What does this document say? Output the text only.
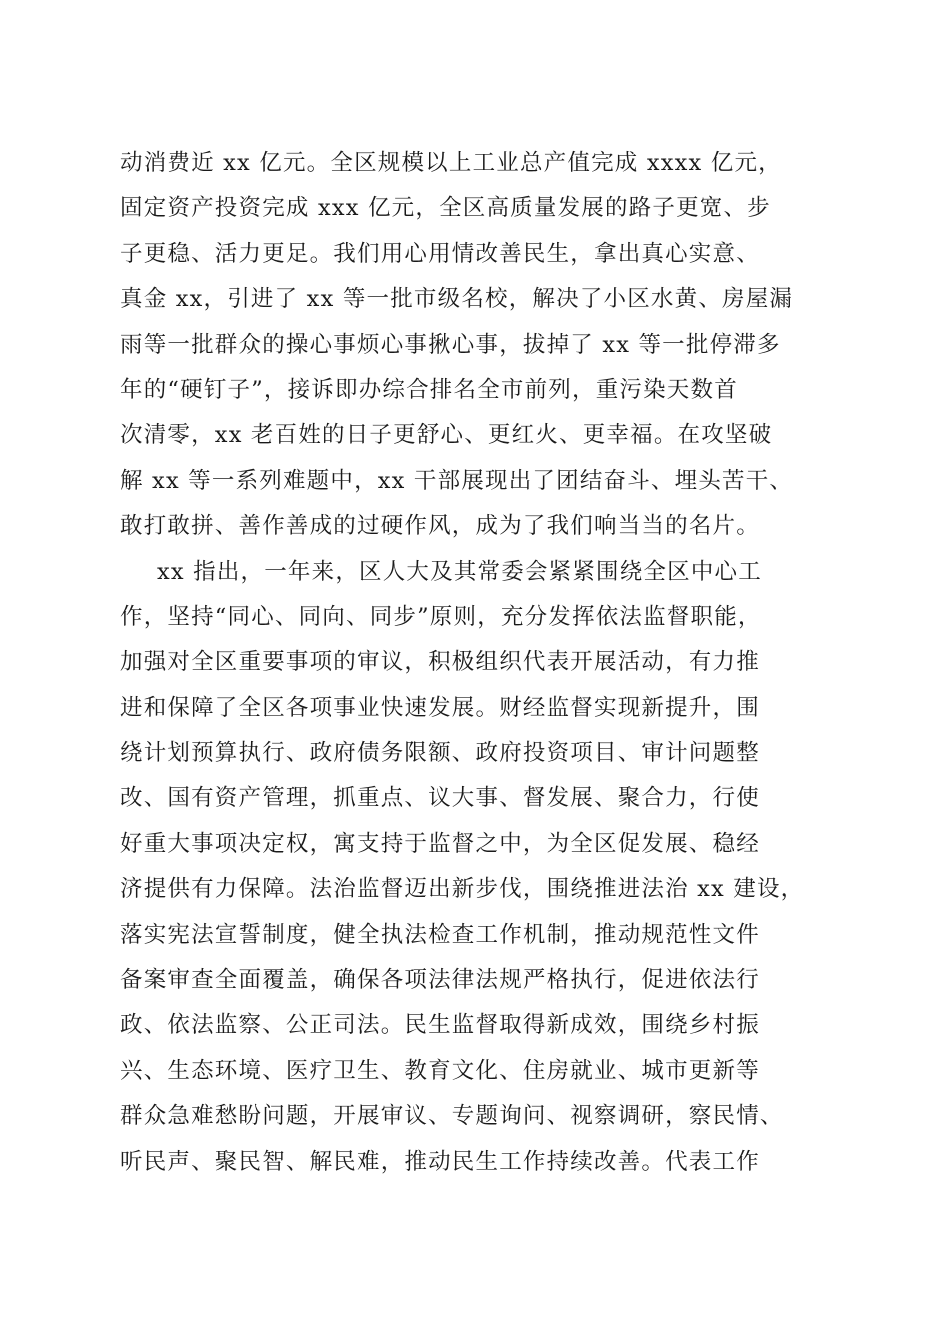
动消费近 xx 亿元。全区规模以上工业总产值完成 xxxx 亿元，
固定资产投资完成 xxx 亿元，全区高质量发展的路子更宽、步
子更稳、活力更足。我们用心用情改善民生，拿出真心实意、
真金 xx，引进了 xx 等一批市级名校，解决了小区水黄、房屋漏
雨等一批群众的操心事烦心事揪心事，拔掉了 xx 等一批停滞多
年的“硬钉子”，接诉即办综合排名全市前列，重污染天数首
次清零，xx 老百姓的日子更舒心、更红火、更幸福。在攻坚破
解 xx 等一系列难题中，xx 干部展现出了团结奋斗、埋头苦干、
敢打敢拼、善作善成的过硬作风，成为了我们响当当的名片。
xx 指出，一年来，区人大及其常委会紧紧围绕全区中心工
作，坚持“同心、同向、同步”原则，充分发挥依法监督职能，
加强对全区重要事项的审议，积极组织代表开展活动，有力推
进和保障了全区各项事业快速发展。财经监督实现新提升，围
绕计划预算执行、政府债务限额、政府投资项目、审计问题整
改、国有资产管理，抓重点、议大事、督发展、聚合力，行使
好重大事项决定权，寓支持于监督之中，为全区促发展、稳经
济提供有力保障。法治监督迈出新步伐，围绕推进法治 xx 建设，
落实宪法宣誓制度，健全执法检查工作机制，推动规范性文件
备案审查全面覆盖，确保各项法律法规严格执行，促进依法行
政、依法监察、公正司法。民生监督取得新成效，围绕乡村振
兴、生态环境、医疗卫生、教育文化、住房就业、城市更新等
群众急难愁盼问题，开展审议、专题询问、视察调研，察民情、
听民声、聚民智、解民难，推动民生工作持续改善。代表工作
